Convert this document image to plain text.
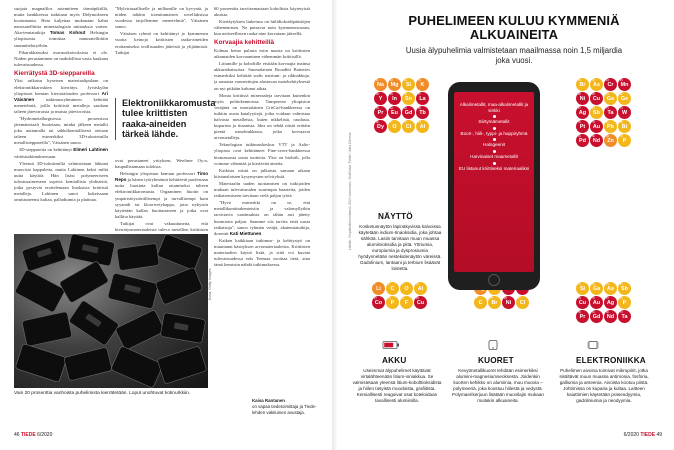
suojata magnafilos asiemitteen tärmäpiktillä, mutta hankkeessa tutkitaan myös Didymokseen kootumanta. Heta kuljettaa mukanaan kahta nanosatelliittia mineraalogisia mittauksia varten. Aka-temiatutkija Tomas Kohout Helsingin yliopistosta toimittaa nanosatelliittiin suunnittelutyöhön.

Pikarakkaisuksi avaruuskaivoksista ei ole. Niiden perustaminen on mahdollista vasta kaukana tulevaisuudessa.

Kierrätystä 3D-sieppareilla

Yksi ratkaisu kyseisen materiaalipulaan on elektroniikkaroskien kierrätys. Jyväskylän yliopiston kemian kiertotalouden professori Ari Väisänen	tutkimusryhmineen kehittää menetelmiä, joilla kriittisiä metalleja saadaan talteen jätevirroista ja muista jätevirroista.

"Hydrometallurgisessa prosessissa jätemateriaali liuotetaan, minkä jälkeen metallit joko uuttamalla tai sähkökemiallisesti otetaan talteen esimerkiksi 3D-tulostetuilla metallisieppareilla", Väisänen sanoo.

3D-sieppareita on kehittänyt Elmeri Lahtinen väitöstutkimuksessaan.

Yleensä 3D-tulostimilla valmistetaan lähinnä muovisia kappaleita, mutta Lahtinen keksi miltä uutta käyttöä. Hän lisäsi polymeeriseen tulostusaineeseen sopivia kemiallisia yhdisteitä, jotka pystyvät erottelemaan liuoksista kriittisiä metalleja. Lahtinen sanoi kokeissaan onnistuneensi kultaa, palladiumia ja platinaa.

"Mylvirtuaalliselle ja millumille on kyvyntä, ja niiden tahdon toteuttamaisen sovelluksissa vuodessa tarjollemme menetelmiä", Väisänen sanoo.

Väisäsen ryhmä on kehittänyt jo kymmenen vuotta keinoja kriittisten raaka-aineiden erottamiseksi teollisuuden jätteistä ja ylijäämistä. Tutkijat

Elektroniikkaromusta tulee kriittisten raaka-aineiden tärkeä lähde.

ovat perustaneet yrityksen, Weefiner Oy:n, kaupallistamaan tuloksia.

Helsingin yliopiston kemian professori Timo Repo ja hänen työryhmänsä kehittävät puolestaan uutta liuotinta kullan ottamiseksi talteen elektroniikkaromusta. Orgaaninen liuotin on ympäristöystävällisempi ja turvallisempi kuin syyanidi tai kloorivetyhappo, joita nykyisin käytetään kullan liuottamiseen ja jotka ovat kalliita käyttää.

Tutkijat ovat vakuuttuneita, että kierrätysmateriaaleista tuleva metallien kriittisten

60 prosenttia tarvitsemastaan koboltista käytetyistä akuista.

Kiertäytyksen liuketusa on hiilidioksidipäästöjen vähenemisen. Ne putsavat noin kymmenesosaan, kun neitseellisten raaka-aine korvataan jätteellä.

Korvaajia kehitteillä

Kolmas keino pulasta esiin nousta on kriittisten aikamaiden korvaaminen vähemmän kriittisillä.

Litiumille ja koboltille etsitään korvaajia mainsa akkuratkaisuissa. Suomalainen Broadbit Batteries esimerkiksi kehittää sodic natrium- ja rikkiakkuja, ja samasta varustettujen alustavan tuotekehityksestä on nyt pitkään kulunut aikaa.

Monia kriittisiä mineraaleja tarvitaan kuitenkin myös polttokennoissa. Tampereen yliopiston vetäjänä on monialainen CritCat-hankkeessa on tutkittu uusia katalyyttejä, jotka voidaan valmistaa halvasta metalleista, kuten nikkelistä, raudasta, kuparista ja titaanista. Idea on tehdä niistä erittäin pieniä nanohiukkasia, jotka korvaavat arvometalleja.

Teknologian tutkimuskeskus VTT ja Aalto-yliopisto ovat kehittäneet Fine-cerex-hankkeessa biomassasta uusia tuotteita. Yksi on biohiili, jolla voimme vähentää ja kiertävää aineita.

Kaikista niistä on julkaistu samaan aikaan kiistanalaisten kysymysten selvityksiä.

Materiaalin uuden tuottamisen on tutkijoiden mukaan tulevaisuuden suurimpia haasteita, joiden ratkaisemiseen tarvitaan vielä paljon työtä.

"Hyvä esimerkki on se, että metallikonttirakenteisiin ja valomyllyihin tarvittavia vaatimuksia on tähän asti jätetty huomiotta paljon. Saamme siis tarvita etsiä uusia ratkaisuja", sanoo ryhmän vetäjä, akatemiatutkija, dosentti Kati Miettunen.

Kaiken kaikkiaan tutkimus- ja kehitystyö on muuttanut käsityksen arvomateriaaleista. Kriittisten materiaalien käyttö lisää, ja siitä voi kuvata tulevaisuudessa eräs Teemaa osoittaa tietä, aina tämä kemistin nähdä tutkimuksessa.

Vain 20 prosenttia vanhoista puhelimista kierrätetään. Loput unohtuvat kotinurkkiin.
Kuva: Getty Images
Kaisa Rantanen
on vapaa tiedetoimittaja ja Tiede-lehden vakituinen avustaja.
46 TIEDE 6/2020
PUHELIMEEN KULUU KYMMENIÄ ALKUAINEITA
Uusia älypuhelimia valmistetaan maailmassa noin 1,5 miljardia joka vuosi.
Lähde: Ympäristöministeriö, EU:n komissio. Grafiikka: Tiede / Alex Dennis
11
Na
12
Mg
14
Si
19
K
39
Y
49
In
50
Sn
57
La
59
Pr
63
Eu
64
Gd
65
Tb
66
Dy
8
O
17
Cl
13
Al
35
Br
33
As
24
Cr
25
Mn
28
Ni
29
Cu
31
Ga
32
Ge
47
Ag
51
Sb
73
Ta
74
W
78
Pt
79
Au
82
Pb
83
Bi
46
Pd
60
Nd
30
Zn
15
P
3
Li
6
C
8
O
13
Al
27
Co
15
P
9
F
29
Cu
6
C
35
Br
28
Ni
17
Cl
14
Si
31
Ga
33
As
51
Sb
29
Cu
79
Au
47
Ag
15
P
59
Pr
64
Gd
60
Nd
73
Ta
Alkalimetallit, maa-alkalimetallit ja sinkki
Siirtymämetallit
Boori-, hiili-, typpi- ja happiryhmä
Halogeenit
Harvinaiset maametallit
EU listanut kriittiseksi materiaaliksi
NÄYTTÖ
Kosketusnäytön läpinäkyvissä kalvoissa käytetään indium-tinaoksidia, joka johtaa sähköä. Lasiin tarvitaan muun muassa alumiinioksidia ja piitä. Yttriumia, europiumia ja dysprosiumia hyödynnetään nestekidenäytön väreissä. Gadolinium, lantaani ja terbium lisäävät loistetta.
AKKU
Useimmat älypuhelimet käyttävät virtalähteenään litium-ioniakkua. Se valmistetaan yleensä litium-kobolttioksidista ja hiilen tietyistä muodoista, grafiitista. Kemiallisesti reagoivat osat koteloidaan tavallisesti alumiinilla.
KUORET
Kevytmetallikuoret tehdään esimerkiksi alumiini-magnesiumseoksesta. Joidenkin kuorten kehikko on alumiinia, muu muovia – polymeeriä, joka koostuu hiilestä ja vedystä. Polymaerikerjuun lisätään muovilajin mukaan muitakin alkuaineita.
ELEKTRONIIKKA
Puhelimen aivoina toimivat mikropiirit, jotka sisältävät muun muassa antimonia, fosforia, galliumia ja arseenia. Aivoista kootuu piistä. Johtimissa on kuparia ja kultaa. Laitteen kaiuttimien käytetään praseodyymia, gadoliniumia ja neodyymia.
6/2020 TIEDE 49
